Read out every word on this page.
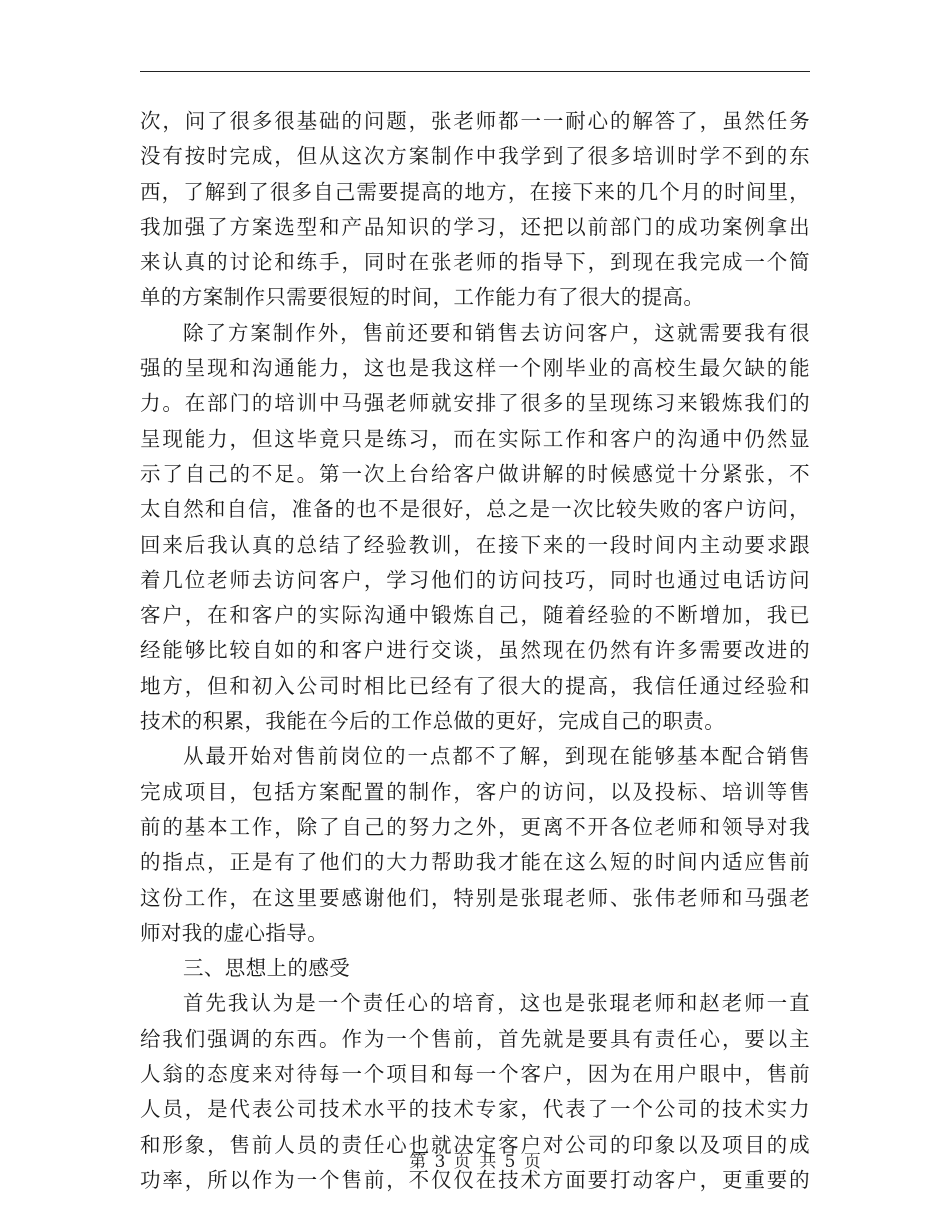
次，问了很多很基础的问题，张老师都一一耐心的解答了，虽然任务
没有按时完成，但从这次方案制作中我学到了很多培训时学不到的东
西，了解到了很多自己需要提高的地方，在接下来的几个月的时间里，
我加强了方案选型和产品知识的学习，还把以前部门的成功案例拿出
来认真的讨论和练手，同时在张老师的指导下，到现在我完成一个简
单的方案制作只需要很短的时间，工作能力有了很大的提高。
除了方案制作外，售前还要和销售去访问客户，这就需要我有很
强的呈现和沟通能力，这也是我这样一个刚毕业的高校生最欠缺的能
力。在部门的培训中马强老师就安排了很多的呈现练习来锻炼我们的
呈现能力，但这毕竟只是练习，而在实际工作和客户的沟通中仍然显
示了自己的不足。第一次上台给客户做讲解的时候感觉十分紧张，不
太自然和自信，准备的也不是很好，总之是一次比较失败的客户访问，
回来后我认真的总结了经验教训，在接下来的一段时间内主动要求跟
着几位老师去访问客户，学习他们的访问技巧，同时也通过电话访问
客户，在和客户的实际沟通中锻炼自己，随着经验的不断增加，我已
经能够比较自如的和客户进行交谈，虽然现在仍然有许多需要改进的
地方，但和初入公司时相比已经有了很大的提高，我信任通过经验和
技术的积累，我能在今后的工作总做的更好，完成自己的职责。
从最开始对售前岗位的一点都不了解，到现在能够基本配合销售
完成项目，包括方案配置的制作，客户的访问，以及投标、培训等售
前的基本工作，除了自己的努力之外，更离不开各位老师和领导对我
的指点，正是有了他们的大力帮助我才能在这么短的时间内适应售前
这份工作，在这里要感谢他们，特别是张琨老师、张伟老师和马强老
师对我的虚心指导。
三、思想上的感受
首先我认为是一个责任心的培育，这也是张琨老师和赵老师一直
给我们强调的东西。作为一个售前，首先就是要具有责任心，要以主
人翁的态度来对待每一个项目和每一个客户，因为在用户眼中，售前
人员，是代表公司技术水平的技术专家，代表了一个公司的技术实力
和形象，售前人员的责任心也就决定客户对公司的印象以及项目的成
功率，所以作为一个售前，不仅仅在技术方面要打动客户，更重要的
第 3 页 共 5 页
